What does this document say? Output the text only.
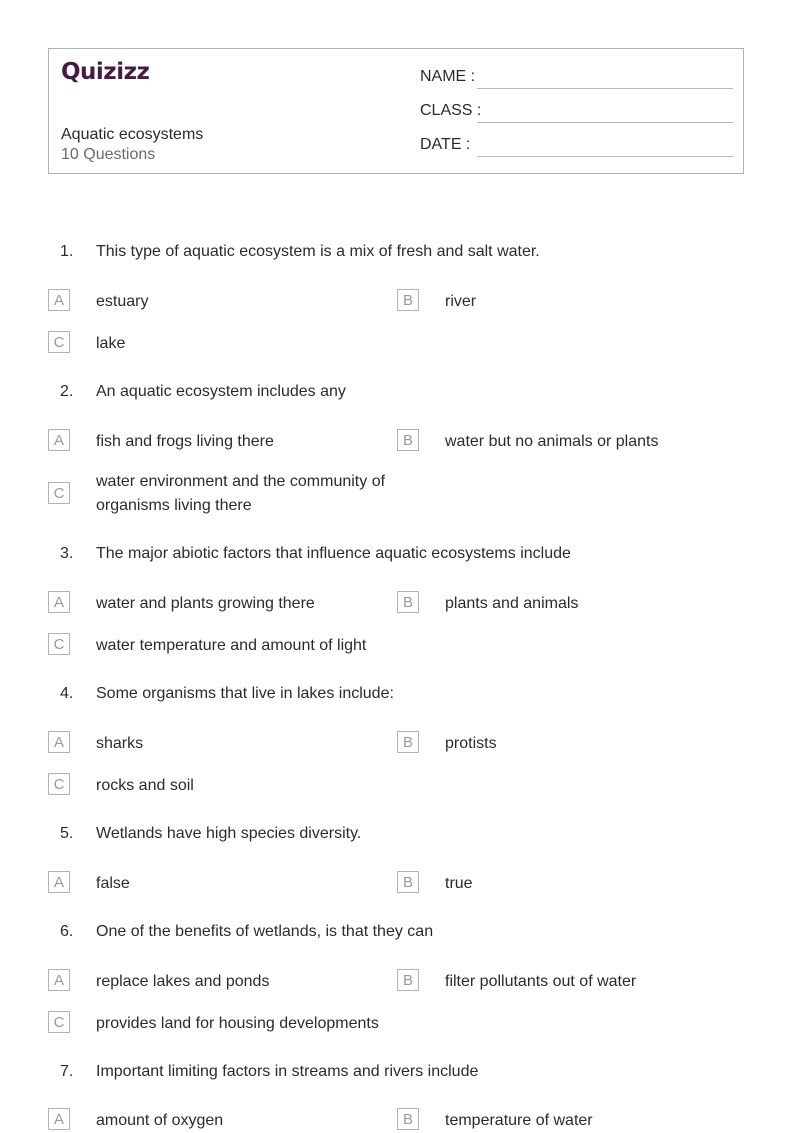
Quizizz
Aquatic ecosystems
10 Questions
NAME :
CLASS :
DATE :
1. This type of aquatic ecosystem is a mix of fresh and salt water.
A	estuary	B	river
C	lake
2. An aquatic ecosystem includes any
A	fish and frogs living there	B	water but no animals or plants
C
water environment and the community of organisms living there
3. The major abiotic factors that influence aquatic ecosystems include
A	water and plants growing there	B	plants and animals
C	water temperature and amount of light
4. Some organisms that live in lakes include:
A	sharks	B	protists
C	rocks and soil
5. Wetlands have high species diversity.
A	false	B	true
6. One of the benefits of wetlands, is that they can
A	replace lakes and ponds	B	filter pollutants out of water
C	provides land for housing developments
7. Important limiting factors in streams and rivers include
A	amount of oxygen	B	temperature of water
